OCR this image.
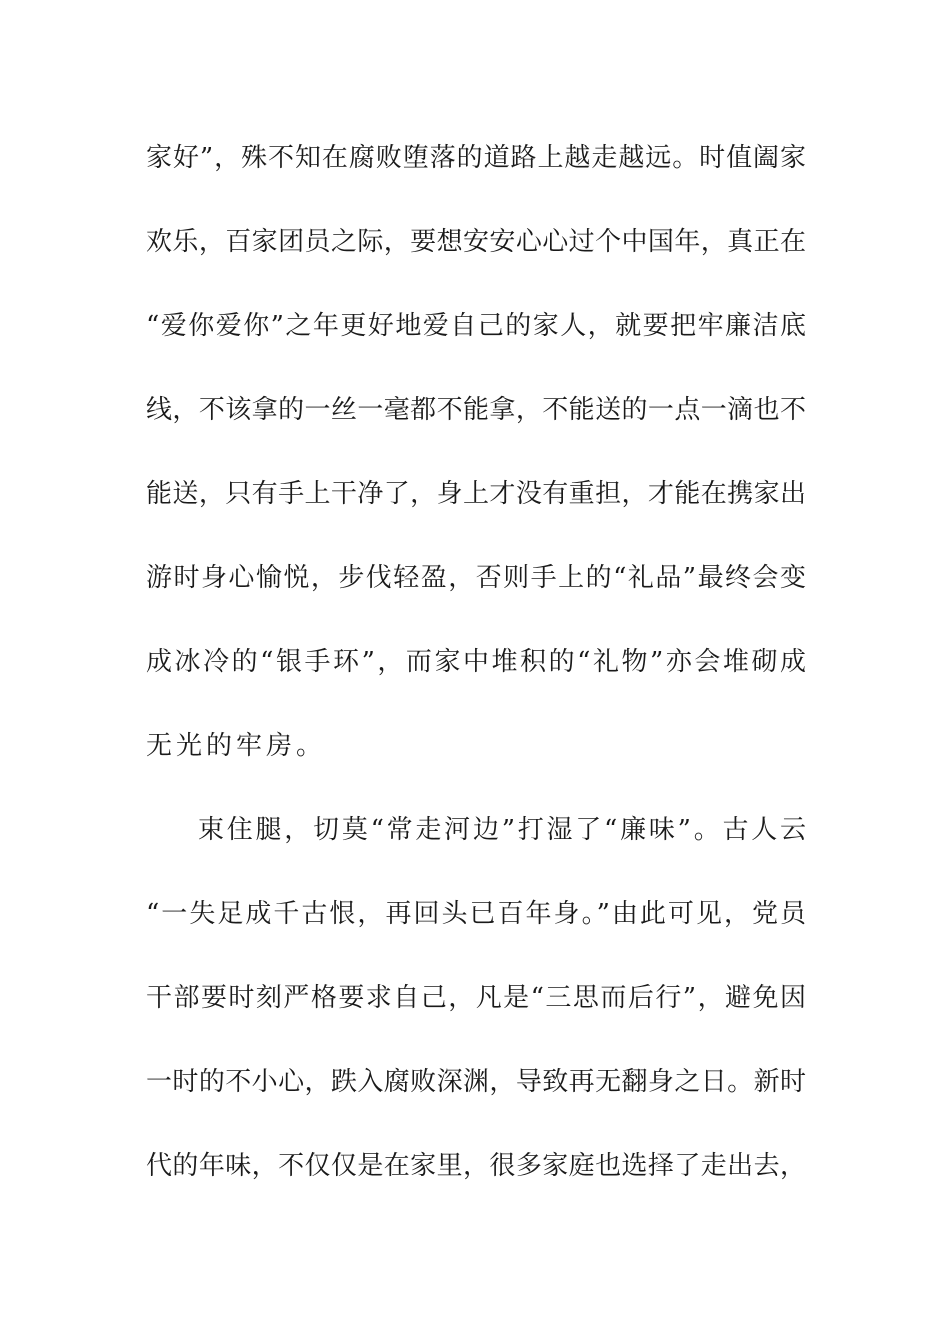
家好”，殊不知在腐败堕落的道路上越走越远。时值阖家
欢乐，百家团员之际，要想安安心心过个中国年，真正在
“爱你爱你”之年更好地爱自己的家人，就要把牢廉洁底
线，不该拿的一丝一毫都不能拿，不能送的一点一滴也不
能送，只有手上干净了，身上才没有重担，才能在携家出
游时身心愉悦，步伐轻盈，否则手上的“礼品”最终会变
成冰冷的“银手环”，而家中堆积的“礼物”亦会堆砌成
无光的牢房。
束住腿，切莫“常走河边”打湿了“廉味”。古人云
“一失足成千古恨，再回头已百年身。”由此可见，党员
干部要时刻严格要求自己，凡是“三思而后行”，避免因
一时的不小心，跌入腐败深渊，导致再无翻身之日。新时
代的年味，不仅仅是在家里，很多家庭也选择了走出去，
